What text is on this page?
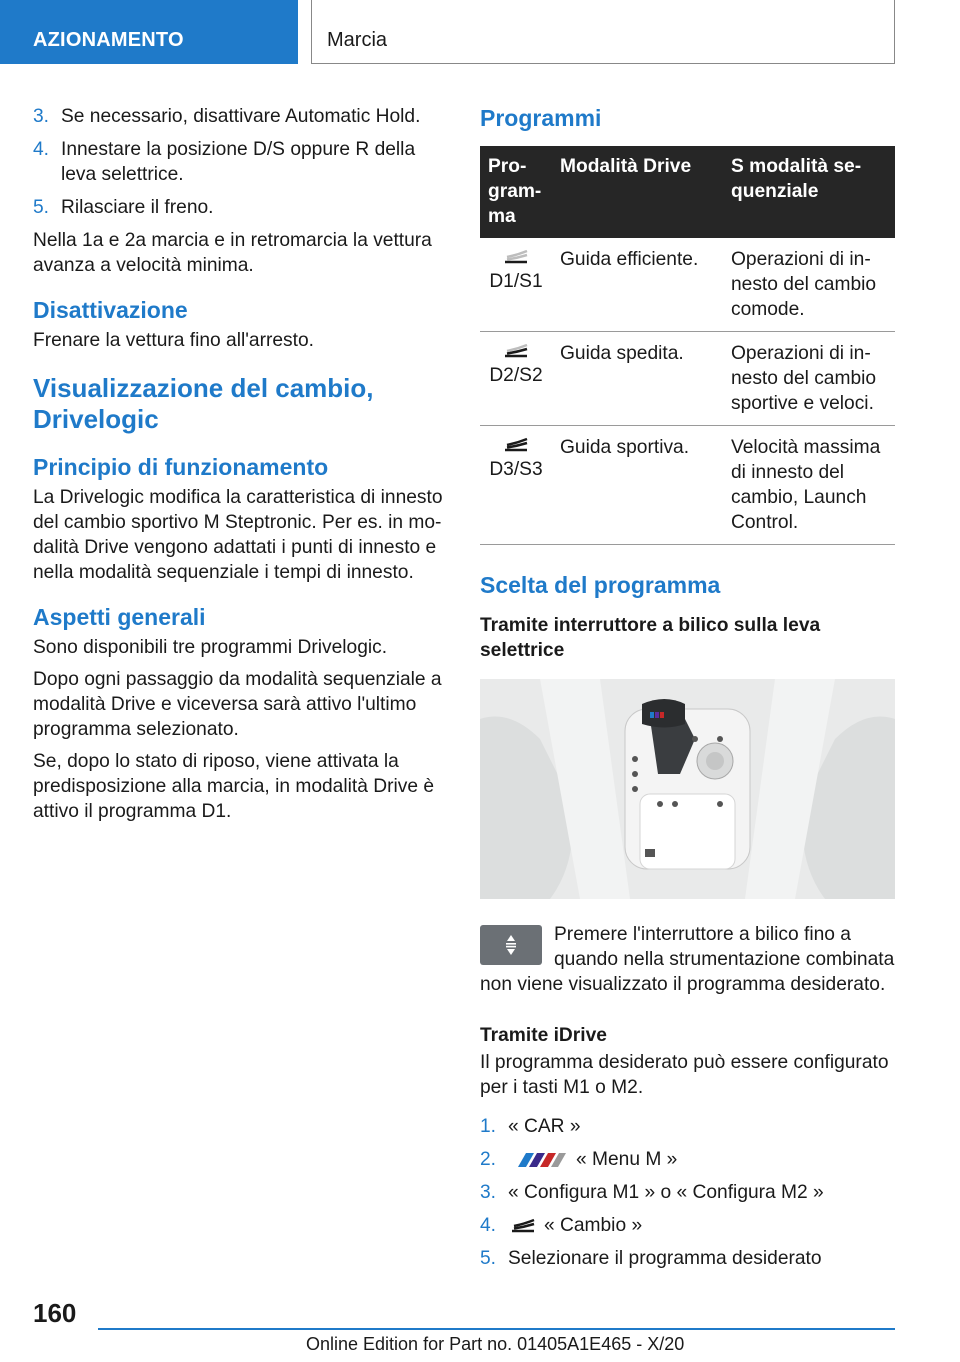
AZIONAMENTO	Marcia
3. Se necessario, disattivare Automatic Hold.
4. Innestare la posizione D/S oppure R della leva selettrice.
5. Rilasciare il freno.

Nella 1a e 2a marcia e in retromarcia la vettura avanza a velocità minima.

Disattivazione

Frenare la vettura fino all'arresto.

Visualizzazione del cambio, Drivelogic
Principio di funzionamento

La Drivelogic modifica la caratteristica di innesto del cambio sportivo M Steptronic. Per es. in modalità Drive vengono adattati i punti di innesto e nella modalità sequenziale i tempi di innesto.

Aspetti generali

Sono disponibili tre programmi Drivelogic.

Dopo ogni passaggio da modalità sequenziale a modalità Drive e viceversa sarà attivo l'ultimo programma selezionato.

Se, dopo lo stato di riposo, viene attivata la predisposizione alla marcia, in modalità Drive è attivo il programma D1.

Programmi
Programma	Modalità Drive	S modalità sequenziale

D1/S1	Guida efficiente.	Operazioni di innesto del cambio comode.

D2/S2	Guida spedita.	Operazioni di innesto del cambio sportive e veloci.

D3/S3	Guida sportiva.	Velocità massima di innesto del cambio, Launch Control.
Scelta del programma
Tramite interruttore a bilico sulla leva selettrice

Premere l'interruttore a bilico fino a quando nella strumentazione combinata non viene visualizzato il programma desiderato.

Tramite iDrive

Il programma desiderato può essere configurato per i tasti M1 o M2.

1. « CAR »
2.	« Menu M »
3. « Configura M1 » o « Configura M2 »
4. « Cambio »
5. Selezionare il programma desiderato
160
Online Edition for Part no. 01405A1E465 - X/20
